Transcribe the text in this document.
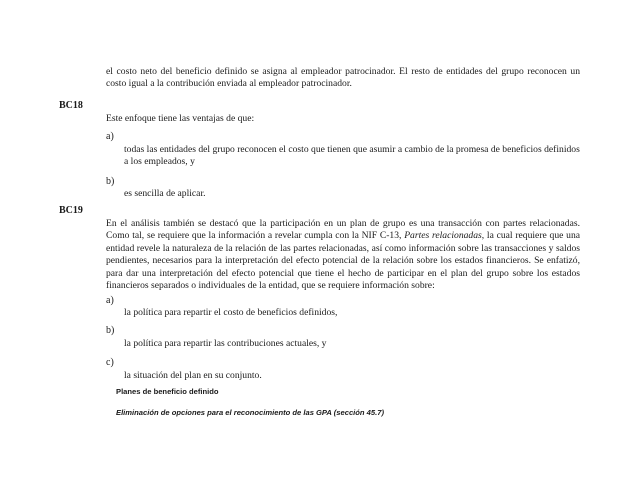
el costo neto del beneficio definido se asigna al empleador patrocinador. El resto de entidades del grupo reconocen un costo igual a la contribución enviada al empleador patrocinador.
BC18
Este enfoque tiene las ventajas de que:
a)
todas las entidades del grupo reconocen el costo que tienen que asumir a cambio de la promesa de beneficios definidos a los empleados, y
b)
es sencilla de aplicar.
BC19
En el análisis también se destacó que la participación en un plan de grupo es una transacción con partes relacionadas. Como tal, se requiere que la información a revelar cumpla con la NIF C-13, Partes relacionadas, la cual requiere que una entidad revele la naturaleza de la relación de las partes relacionadas, así como información sobre las transacciones y saldos pendientes, necesarios para la interpretación del efecto potencial de la relación sobre los estados financieros. Se enfatizó, para dar una interpretación del efecto potencial que tiene el hecho de participar en el plan del grupo sobre los estados financieros separados o individuales de la entidad, que se requiere información sobre:
a)
la política para repartir el costo de beneficios definidos,
b)
la política para repartir las contribuciones actuales, y
c)
la situación del plan en su conjunto.
Planes de beneficio definido
Eliminación de opciones para el reconocimiento de las GPA (sección 45.7)
